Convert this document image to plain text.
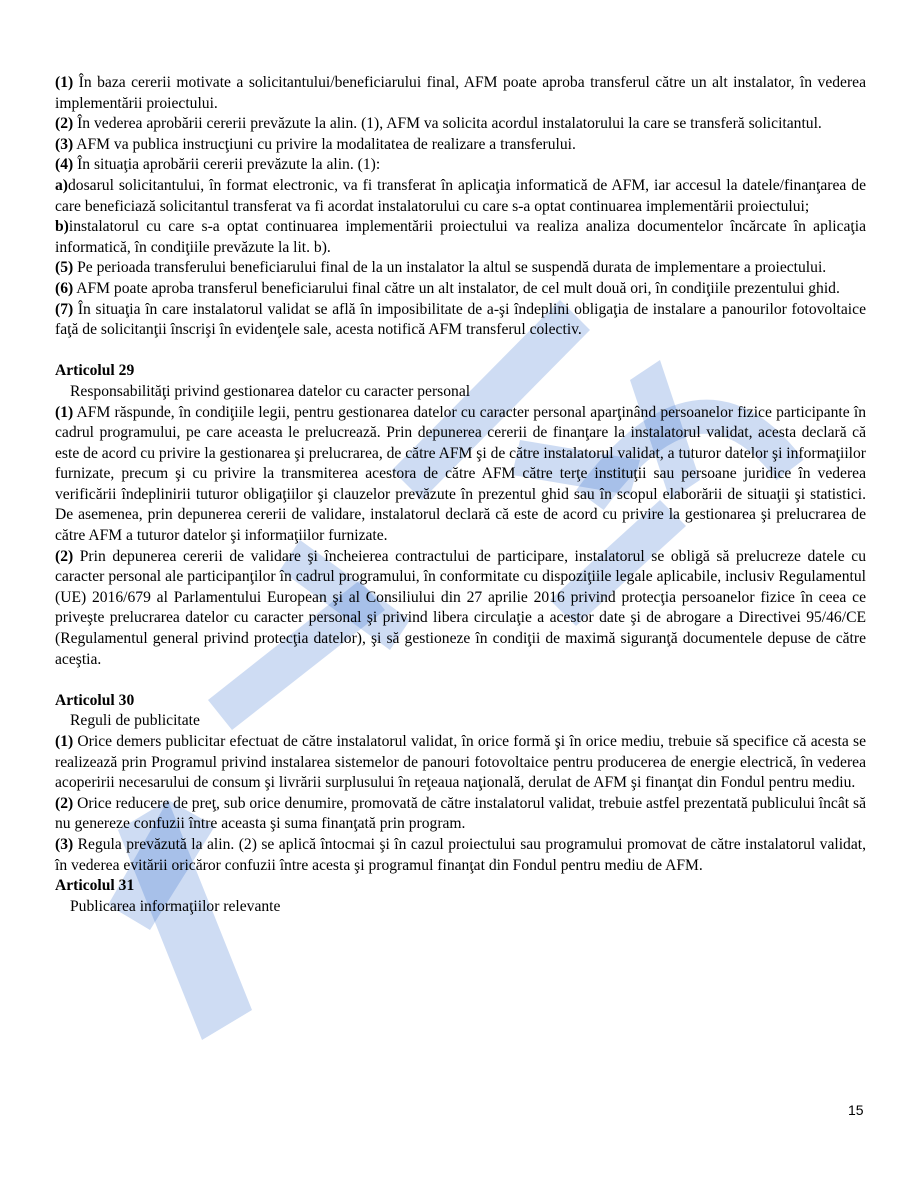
(1) În baza cererii motivate a solicitantului/beneficiarului final, AFM poate aproba transferul către un alt instalator, în vederea implementării proiectului.

(2) În vederea aprobării cererii prevăzute la alin. (1), AFM va solicita acordul instalatorului la care se transferă solicitantul.

(3) AFM va publica instrucţiuni cu privire la modalitatea de realizare a transferului.

(4) În situaţia aprobării cererii prevăzute la alin. (1):

a)dosarul solicitantului, în format electronic, va fi transferat în aplicaţia informatică de AFM, iar accesul la datele/finanţarea de care beneficiază solicitantul transferat va fi acordat instalatorului cu care s-a optat continuarea implementării proiectului;

b)instalatorul cu care s-a optat continuarea implementării proiectului va realiza analiza documentelor încărcate în aplicaţia informatică, în condiţiile prevăzute la lit. b).

(5) Pe perioada transferului beneficiarului final de la un instalator la altul se suspendă durata de implementare a proiectului.

(6) AFM poate aproba transferul beneficiarului final către un alt instalator, de cel mult două ori, în condiţiile prezentului ghid.

(7) În situaţia în care instalatorul validat se află în imposibilitate de a-şi îndeplini obligaţia de instalare a panourilor fotovoltaice faţă de solicitanţii înscrişi în evidenţele sale, acesta notifică AFM transferul colectiv.

Articolul 29

Responsabilităţi privind gestionarea datelor cu caracter personal

(1) AFM răspunde, în condiţiile legii, pentru gestionarea datelor cu caracter personal aparţinând persoanelor fizice participante în cadrul programului, pe care aceasta le prelucrează. Prin depunerea cererii de finanţare la instalatorul validat, acesta declară că este de acord cu privire la gestionarea şi prelucrarea, de către AFM şi de către instalatorul validat, a tuturor datelor şi informaţiilor furnizate, precum şi cu privire la transmiterea acestora de către AFM către terţe instituţii sau persoane juridice în vederea verificării îndeplinirii tuturor obligaţiilor şi clauzelor prevăzute în prezentul ghid sau în scopul elaborării de situaţii şi statistici. De asemenea, prin depunerea cererii de validare, instalatorul declară că este de acord cu privire la gestionarea şi prelucrarea de către AFM a tuturor datelor şi informaţiilor furnizate.

(2) Prin depunerea cererii de validare şi încheierea contractului de participare, instalatorul se obligă să prelucreze datele cu caracter personal ale participanţilor în cadrul programului, în conformitate cu dispoziţiile legale aplicabile, inclusiv Regulamentul (UE) 2016/679 al Parlamentului European şi al Consiliului din 27 aprilie 2016 privind protecţia persoanelor fizice în ceea ce priveşte prelucrarea datelor cu caracter personal şi privind libera circulaţie a acestor date şi de abrogare a Directivei 95/46/CE (Regulamentul general privind protecţia datelor), şi să gestioneze în condiţii de maximă siguranţă documentele depuse de către aceştia.

Articolul 30

Reguli de publicitate

(1) Orice demers publicitar efectuat de către instalatorul validat, în orice formă şi în orice mediu, trebuie să specifice că acesta se realizează prin Programul privind instalarea sistemelor de panouri fotovoltaice pentru producerea de energie electrică, în vederea acoperirii necesarului de consum şi livrării surplusului în reţeaua naţională, derulat de AFM şi finanţat din Fondul pentru mediu.

(2) Orice reducere de preţ, sub orice denumire, promovată de către instalatorul validat, trebuie astfel prezentată publicului încât să nu genereze confuzii între aceasta şi suma finanţată prin program.

(3) Regula prevăzută la alin. (2) se aplică întocmai şi în cazul proiectului sau programului promovat de către instalatorul validat, în vederea evitării oricăror confuzii între acesta şi programul finanţat din Fondul pentru mediu de AFM.

Articolul 31

Publicarea informaţiilor relevante

15
